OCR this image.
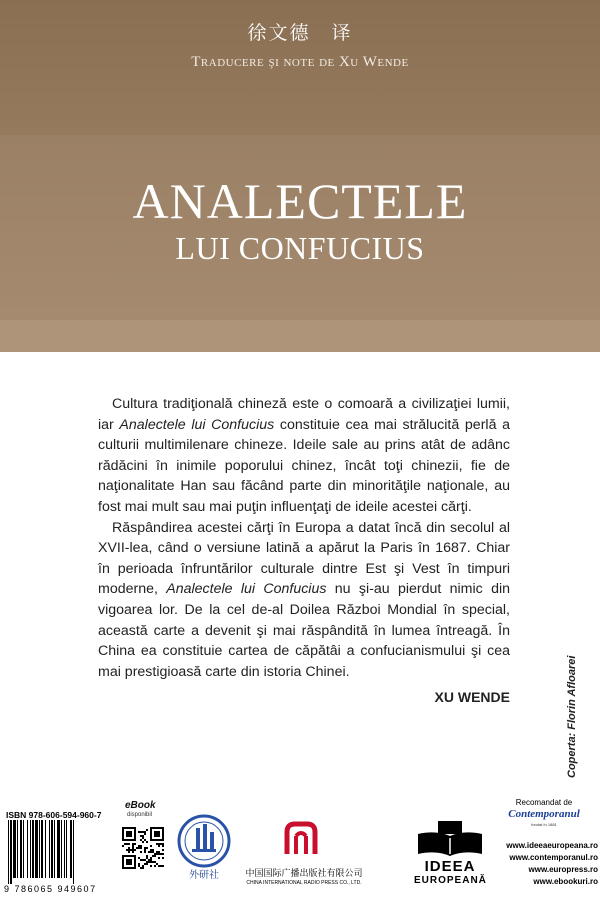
徐文德　译
Traducere şi note de Xu Wende
ANALECTELE
LUI CONFUCIUS

Cultura tradiţională chineză este o comoară a civilizaţiei lumii, iar Analectele lui Confucius constituie cea mai strălucită perlă a culturii multimilenare chineze. Ideile sale au prins atât de adânc rădăcini în inimile poporului chinez, încât toţi chinezii, fie de naţionalitate Han sau făcând parte din minorităţile naţionale, au fost mai mult sau mai puţin influenţaţi de ideile acestei cărţi.

Răspândirea acestei cărţi în Europa a datat încă din secolul al XVII-lea, când o versiune latină a apărut la Paris în 1687. Chiar în perioada înfruntărilor culturale dintre Est şi Vest în timpuri moderne, Analectele lui Confucius nu şi-au pierdut nimic din vigoarea lor. De la cel de-al Doilea Război Mondial în special, această carte a devenit şi mai răspândită în lumea întreagă. În China ea constituie cartea de căpătâi a confucianismului şi cea mai prestigioasă carte din istoria Chinei.

XU WENDE	Coperta: Florin Afloarei
ISBN 978-606-594-960-7
9 786065 949607
eBook
disponibil
外研社	中国国际广播出版社有限公司
CHINA INTERNATIONAL RADIO PRESS CO., LTD.
IDEEA
EUROPEANĂ
Recomandat de
Contemporanul
fondat în 1881
www.ideeaeuropeana.ro
www.contemporanul.ro
www.europress.ro
www.ebookuri.ro
